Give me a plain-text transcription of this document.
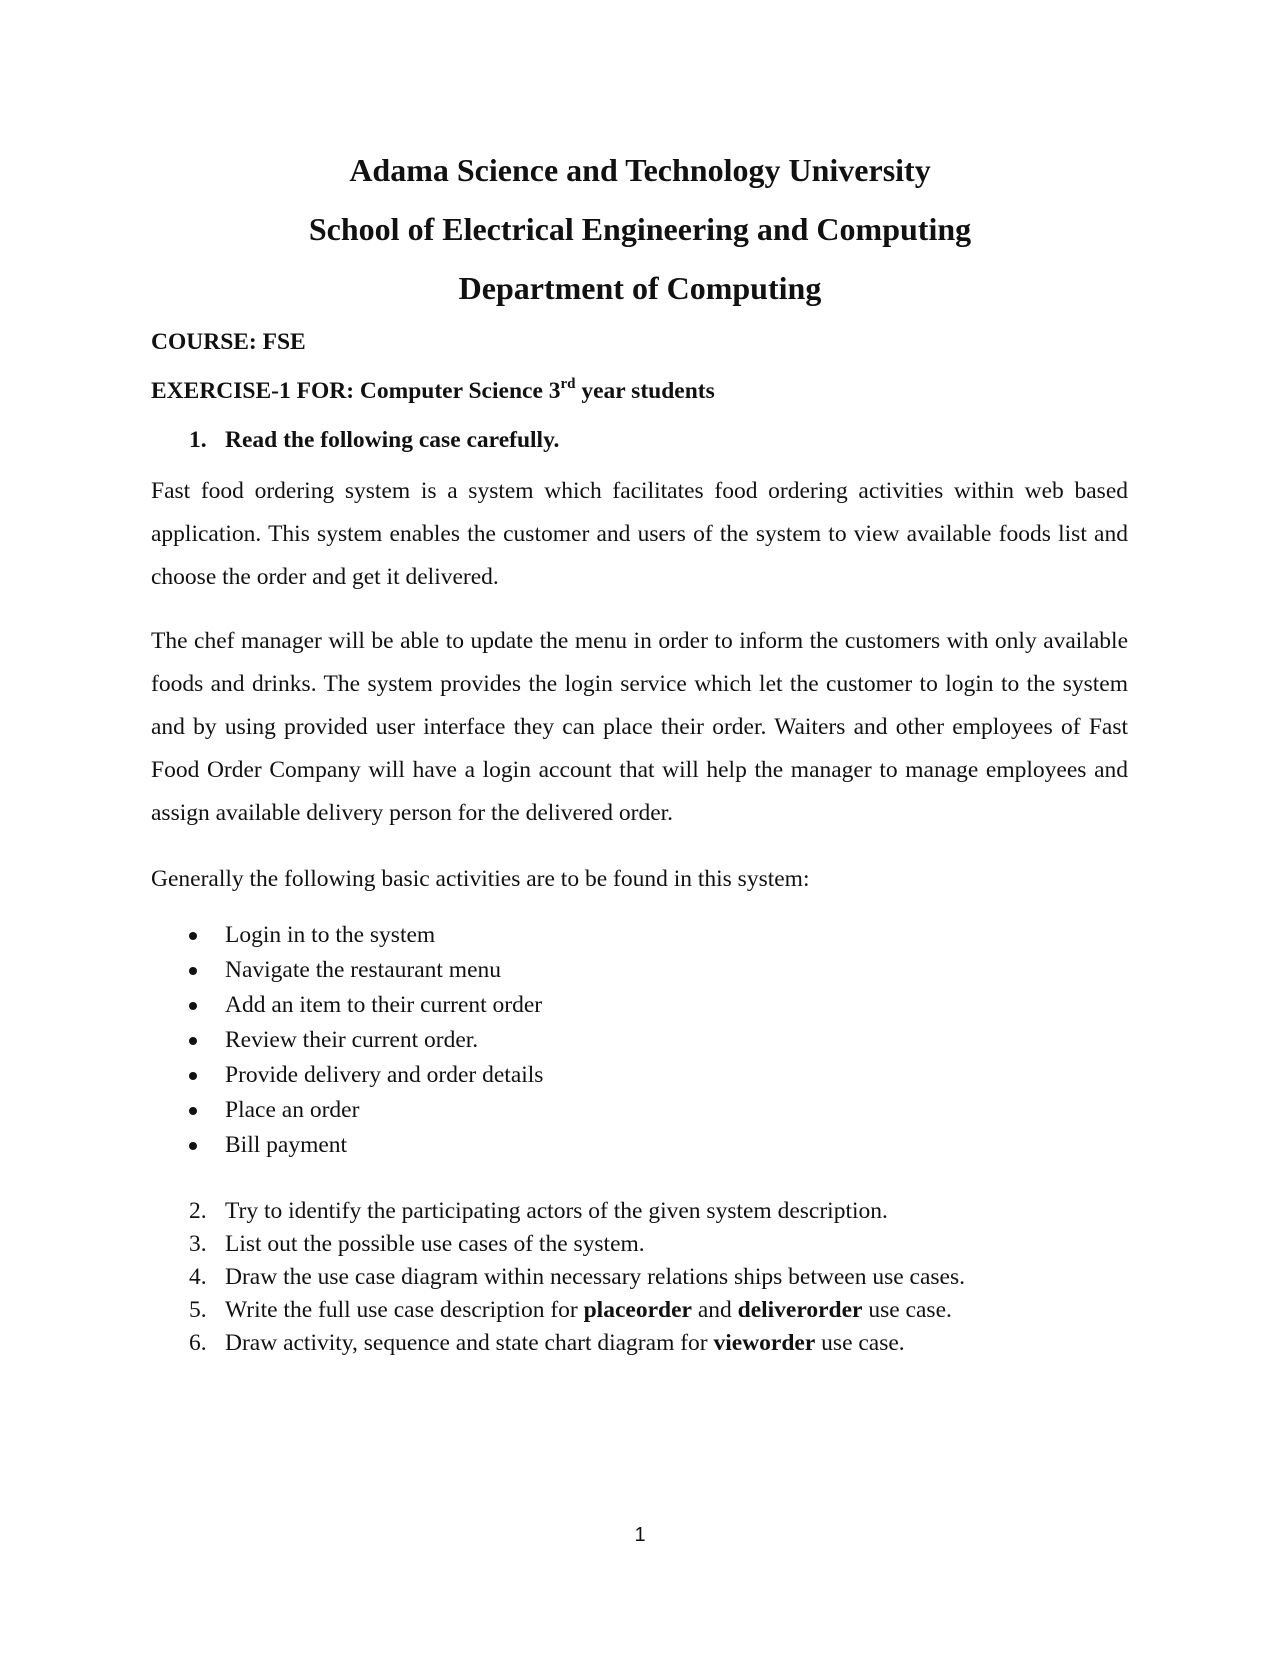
Adama Science and Technology University
School of Electrical Engineering and Computing
Department of Computing
COURSE: FSE
EXERCISE-1 FOR: Computer Science 3rd year students
1. Read the following case carefully.

Fast food ordering system is a system which facilitates food ordering activities within web based application. This system enables the customer and users of the system to view available foods list and choose the order and get it delivered.

The chef manager will be able to update the menu in order to inform the customers with only available foods and drinks. The system provides the login service which let the customer to login to the system and by using provided user interface they can place their order. Waiters and other employees of Fast Food Order Company will have a login account that will help the manager to manage employees and assign available delivery person for the delivered order.

Generally the following basic activities are to be found in this system:
Login in to the system
Navigate the restaurant menu
Add an item to their current order
Review their current order.
Provide delivery and order details
Place an order
Bill payment
2. Try to identify the participating actors of the given system description.
3. List out the possible use cases of the system.
4. Draw the use case diagram within necessary relations ships between use cases.
5. Write the full use case description for placeorder and deliverorder use case.
6. Draw activity, sequence and state chart diagram for vieworder use case.
1
